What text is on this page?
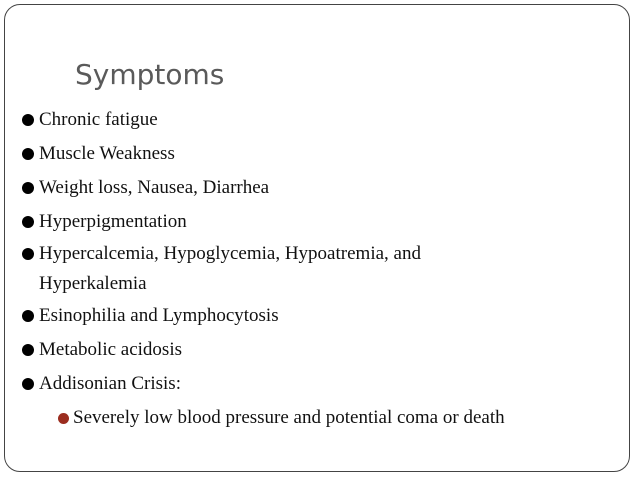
Symptoms
Chronic fatigue
Muscle Weakness
Weight loss, Nausea, Diarrhea
Hyperpigmentation
Hypercalcemia, Hypoglycemia, Hypoatremia, and Hyperkalemia
Esinophilia and Lymphocytosis
Metabolic acidosis
Addisonian Crisis:
Severely low blood pressure and potential coma or death
